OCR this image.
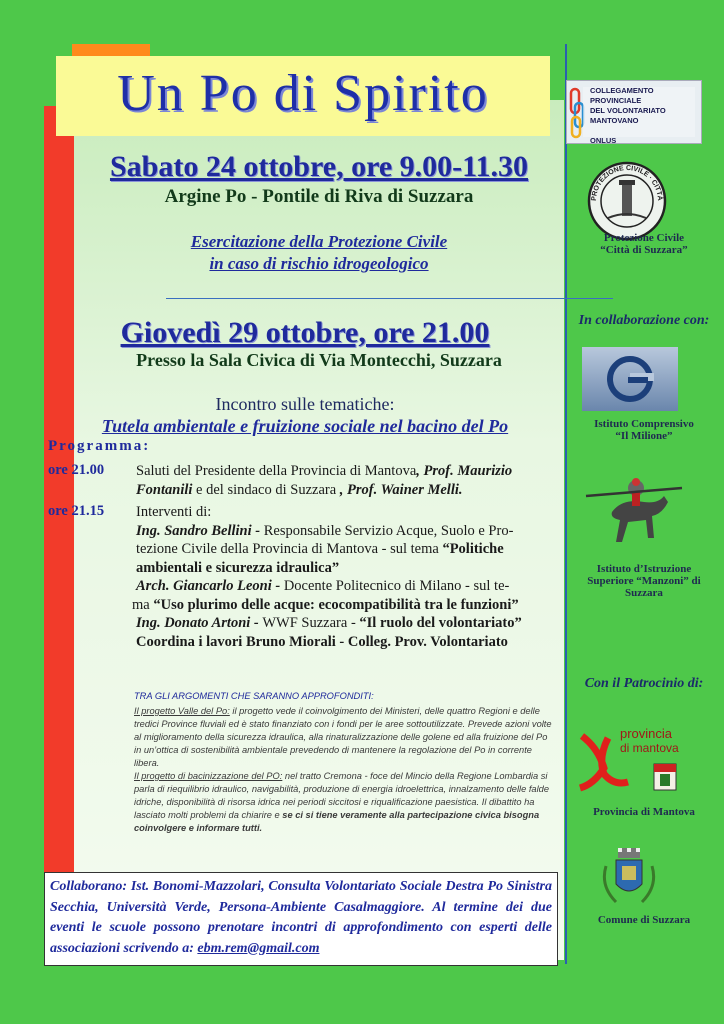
Un Po di Spirito
Sabato 24 ottobre, ore 9.00-11.30
Argine Po - Pontile di Riva di Suzzara
Esercitazione della Protezione Civile
in caso di rischio idrogeologico
Giovedì 29 ottobre, ore 21.00
Presso la Sala Civica di Via Montecchi, Suzzara
Incontro sulle tematiche:
Tutela ambientale e fruizione sociale nel bacino del Po
Programma:
ore 21.00 Saluti del Presidente della Provincia di Mantova, Prof. Maurizio
Fontanili e del sindaco di Suzzara , Prof. Wainer Melli.
ore 21.15 Interventi di:
Ing. Sandro Bellini - Responsabile Servizio Acque, Suolo e Pro-
tezione Civile della Provincia di Mantova - sul tema “Politiche
ambientali e sicurezza idraulica”
Arch. Giancarlo Leoni - Docente Politecnico di Milano - sul te-
ma “Uso plurimo delle acque: ecocompatibilità tra le funzioni”
Ing. Donato Artoni - WWF Suzzara - “Il ruolo del volontariato”
Coordina i lavori Bruno Miorali - Colleg. Prov. Volontariato
TRA GLI ARGOMENTI CHE SARANNO APPROFONDITI:
Il progetto Valle del Po: il progetto vede il coinvolgimento dei Ministeri, delle quattro Regioni e delle tredici Province fluviali ed è stato finanziato con i fondi per le aree sottoutilizzate. Prevede azioni volte al miglioramento della sicurezza idraulica, alla rinaturalizzazione delle golene ed alla fruizione del Po in un’ottica di sostenibilità ambientale prevedendo di mantenere la regolazione del Po in corrente libera.
Il progetto di bacinizzazione del PO: nel tratto Cremona - foce del Mincio della Regione Lombardia si parla di riequilibrio idraulico, navigabilità, produzione di energia idroelettrica, innalzamento delle falde idriche, disponibilità di risorsa idrica nei periodi siccitosi e riqualificazione paesistica. Il dibattito ha lasciato molti problemi da chiarire e se ci si tiene veramente alla partecipazione civica bisogna coinvolgere e informare tutti.
Collaborano: Ist. Bonomi-Mazzolari, Consulta Volontariato Sociale Destra Po Sinistra Secchia, Università Verde, Persona-Ambiente Casalmaggiore. Al termine dei due eventi le scuole possono prenotare incontri di approfondimento con esperti delle associazioni scrivendo a: ebm.rem@gmail.com
COLLEGAMENTO PROVINCIALE
DEL VOLONTARIATO
MANTOVANO
ONLUS
PROTEZIONE CIVILE · CITTÀ
Protezione Civile
“Città di Suzzara”
In collaborazione con:
Istituto Comprensivo
“Il Milione”
Istituto d’Istruzione
Superiore “Manzoni” di
Suzzara
Con il Patrocinio di:
provincia
di mantova
Provincia di Mantova
Comune di Suzzara
